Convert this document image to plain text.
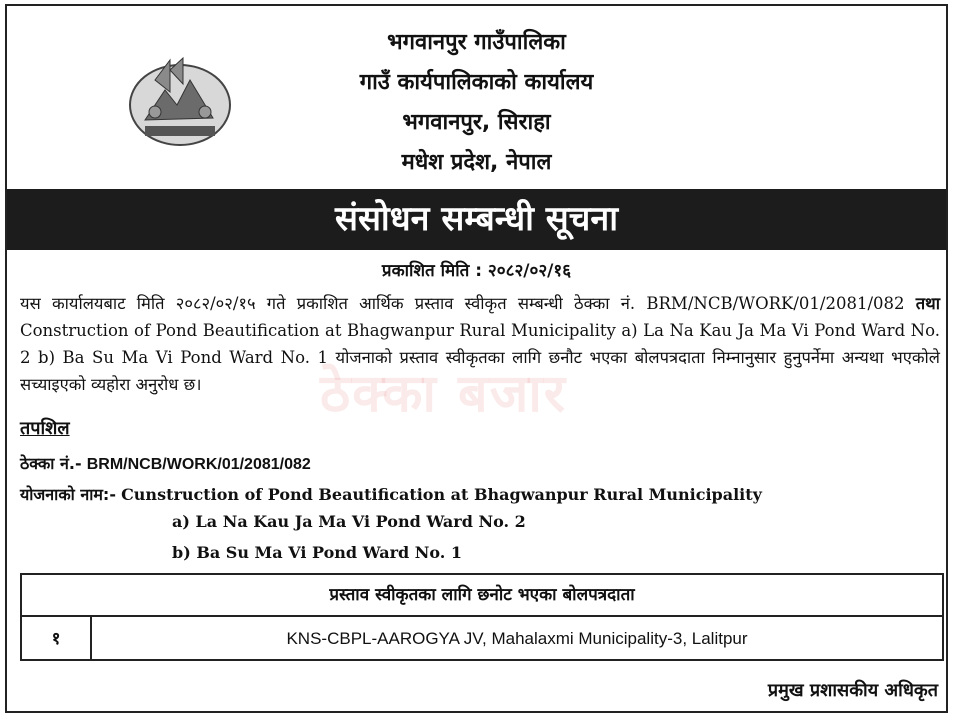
भगवानपुर गाउँपालिका
गाउँ कार्यपालिकाको कार्यालय
भगवानपुर, सिराहा
मधेश प्रदेश, नेपाल
संसोधन सम्बन्धी सूचना
प्रकाशित मिति : २०८२/०२/१६
यस कार्यालयबाट मिति २०८२/०२/१५ गते प्रकाशित आर्थिक प्रस्ताव स्वीकृत सम्बन्धी ठेक्का नं. BRM/NCB/WORK/01/2081/082 तथा Construction of Pond Beautification at Bhagwanpur Rural Municipality a) La Na Kau Ja Ma Vi Pond Ward No. 2 b) Ba Su Ma Vi Pond Ward No. 1 योजनाको प्रस्ताव स्वीकृतका लागि छनौट भएका बोलपत्रदाता निम्नानुसार हुनुपर्नेमा अन्यथा भएकोले सच्याइएको व्यहोरा अनुरोध छ।	ठेक्का बजार
तपशिल
ठेक्का नं.- BRM/NCB/WORK/01/2081/082
योजनाको नाम:- Cunstruction of Pond Beautification at Bhagwanpur Rural Municipality
a) La Na Kau Ja Ma Vi Pond Ward No. 2
b) Ba Su Ma Vi Pond Ward No. 1
प्रस्ताव स्वीकृतका लागि छनोट भएका बोलपत्रदाता
१	KNS-CBPL-AAROGYA JV, Mahalaxmi Municipality-3, Lalitpur
प्रमुख प्रशासकीय अधिकृत
